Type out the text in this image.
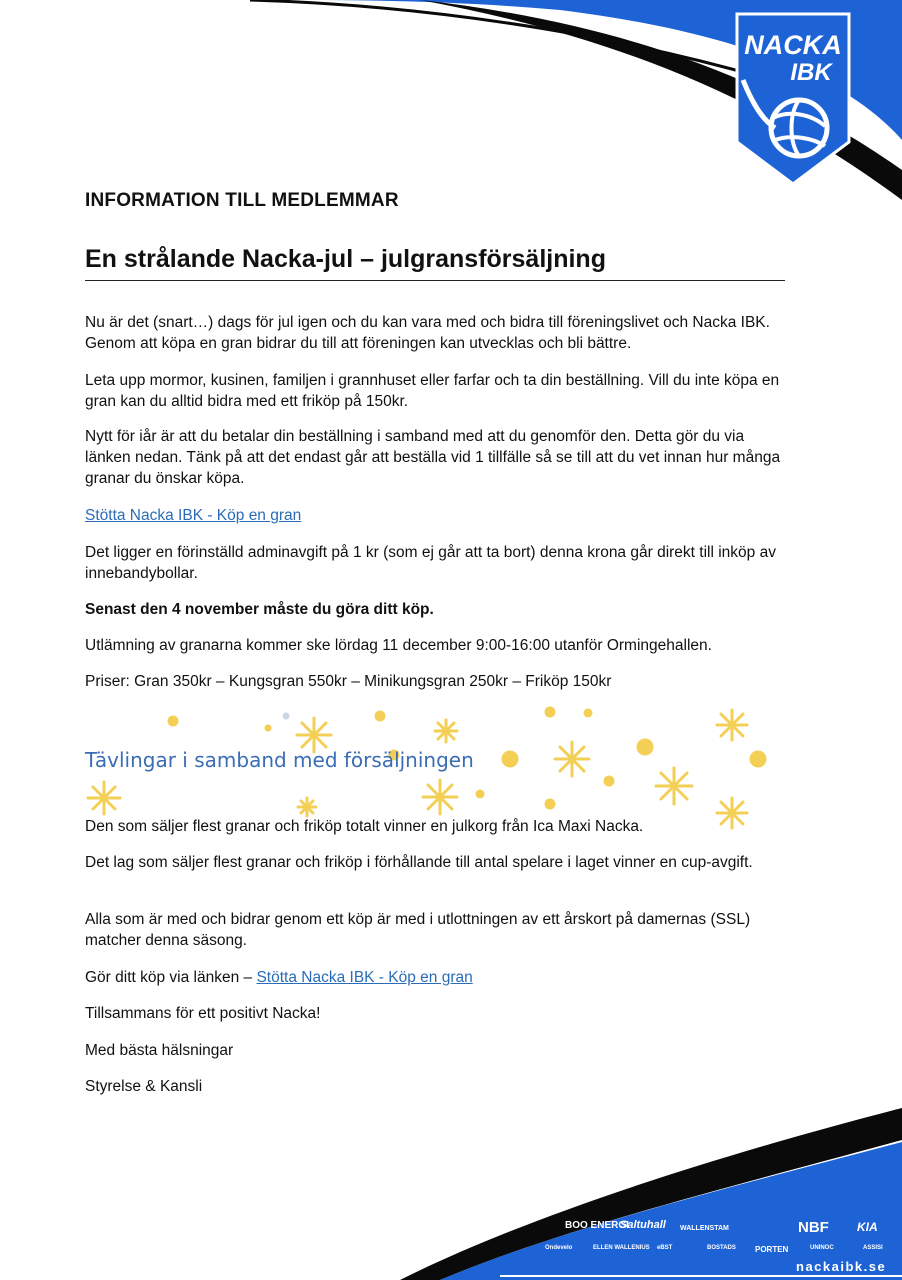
NACKA
IBK
INFORMATION TILL MEDLEMMAR
En strålande Nacka-jul – julgransförsäljning

Nu är det (snart…) dags för jul igen och du kan vara med och bidra till föreningslivet och Nacka IBK. Genom att köpa en gran bidrar du till att föreningen kan utvecklas och bli bättre.

Leta upp mormor, kusinen, familjen i grannhuset eller farfar och ta din beställning. Vill du inte köpa en gran kan du alltid bidra med ett friköp på 150kr.

Nytt för iår är att du betalar din beställning i samband med att du genomför den. Detta gör du via länken nedan. Tänk på att det endast går att beställa vid 1 tillfälle så se till att du vet innan hur många granar du önskar köpa.

Stötta Nacka IBK - Köp en gran

Det ligger en förinställd adminavgift på 1 kr (som ej går att ta bort) denna krona går direkt till inköp av innebandybollar.

Senast den 4 november måste du göra ditt köp.

Utlämning av granarna kommer ske lördag 11 december 9:00-16:00 utanför Ormingehallen.

Priser: Gran 350kr – Kungsgran 550kr – Minikungsgran 250kr – Friköp 150kr

Tävlingar i samband med försäljningen

Den som säljer flest granar och friköp totalt vinner en julkorg från Ica Maxi Nacka.

Det lag som säljer flest granar och friköp i förhållande till antal spelare i laget vinner en cup-avgift.

Alla som är med och bidrar genom ett köp är med i utlottningen av ett årskort på damernas (SSL) matcher denna säsong.

Gör ditt köp via länken – Stötta Nacka IBK - Köp en gran

Tillsammans för ett positivt Nacka!

Med bästa hälsningar

Styrelse & Kansli

BOO ENERGI
Saltuhall WALLENSTAM	NBF KIA
Ondevelo	ELLEN WALLENIUS eBST	BOSTADS PORTEN	UNINOC	ASSISI
nackaibk.se
